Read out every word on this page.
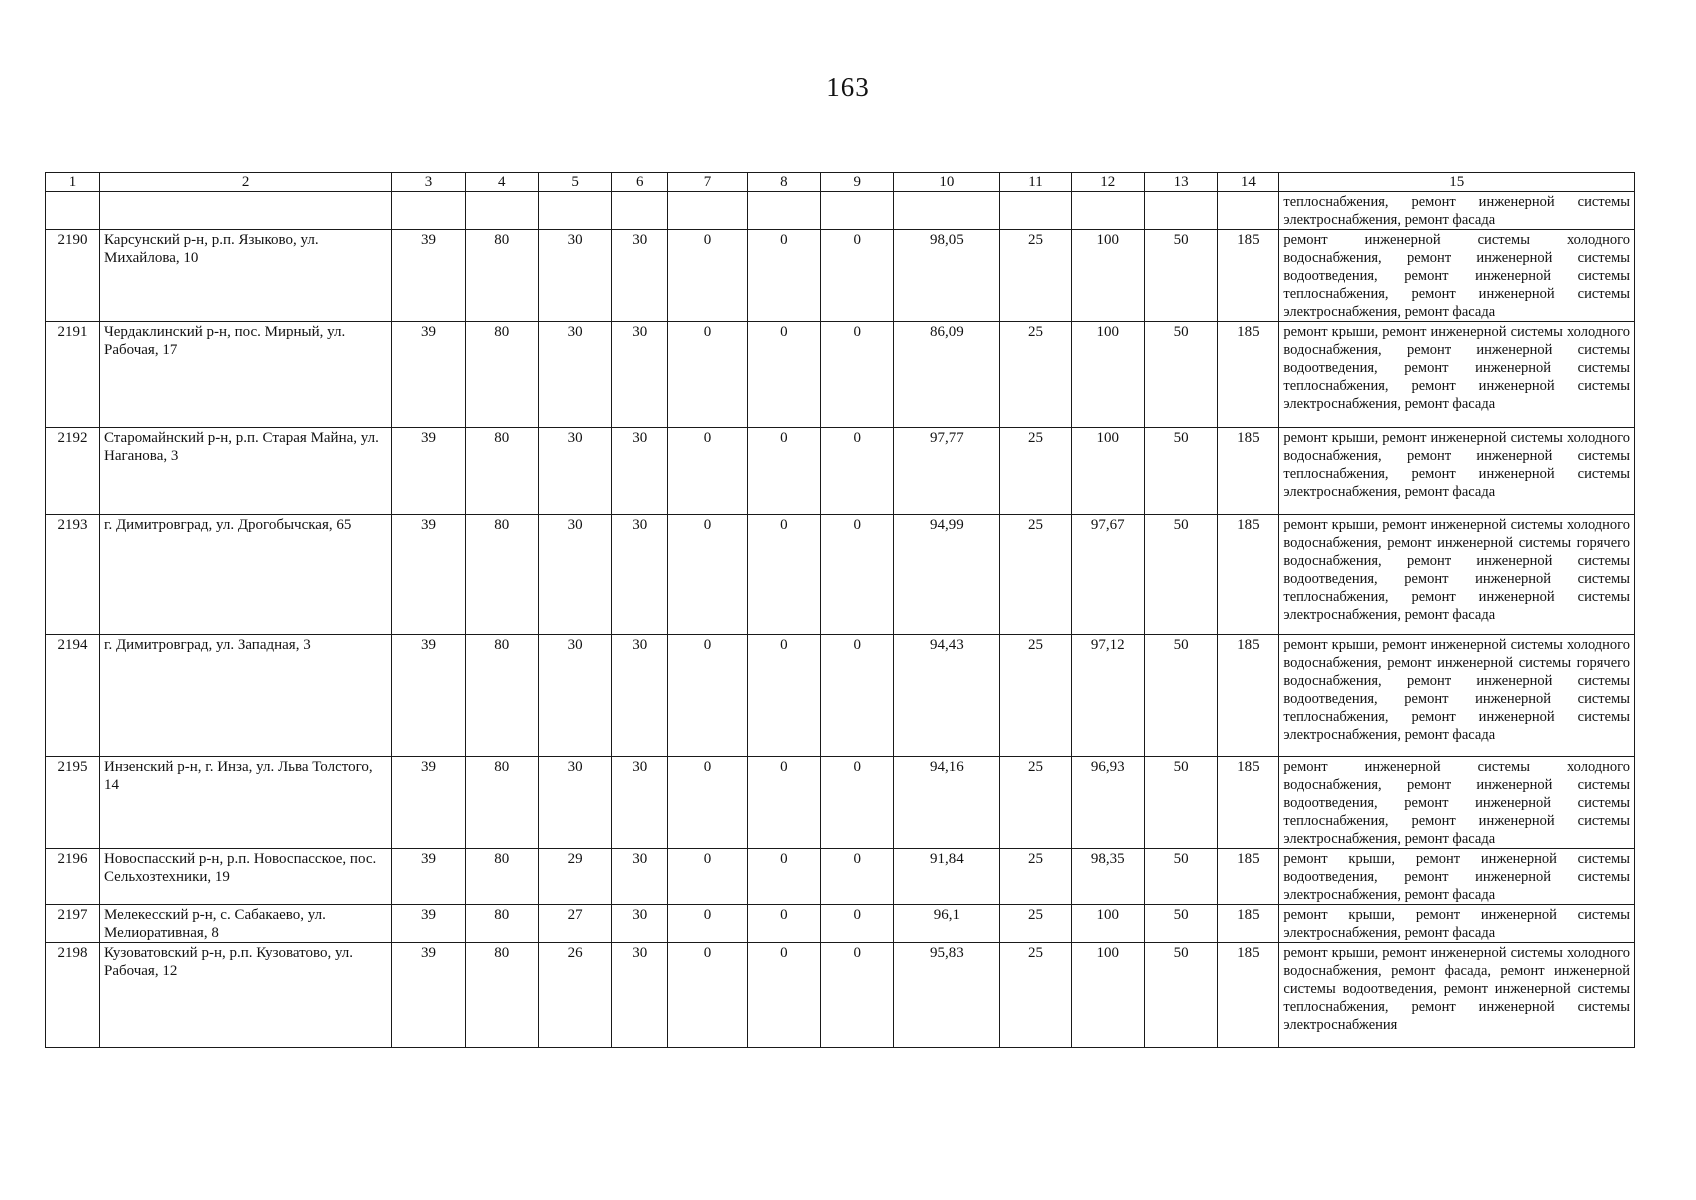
163
1	2	3	4	5	6	7	8	9	10	11	12	13	14	15
														теплоснабжения, ремонт инженерной системы электроснабжения, ремонт фасада
2190	Карсунский р-н, р.п. Языково, ул. Михайлова, 10	39	80	30	30	0	0	0	98,05	25	100	50	185	ремонт инженерной системы холодного водоснабжения, ремонт инженерной системы водоотведения, ремонт инженерной системы теплоснабжения, ремонт инженерной системы электроснабжения, ремонт фасада
2191	Чердаклинский р-н, пос. Мирный, ул. Рабочая, 17	39	80	30	30	0	0	0	86,09	25	100	50	185	ремонт крыши, ремонт инженерной системы холодного водоснабжения, ремонт инженерной системы водоотведения, ремонт инженерной системы теплоснабжения, ремонт инженерной системы электроснабжения, ремонт фасада
2192	Старомайнский р-н, р.п. Старая Майна, ул. Наганова, 3	39	80	30	30	0	0	0	97,77	25	100	50	185	ремонт крыши, ремонт инженерной системы холодного водоснабжения, ремонт инженерной системы теплоснабжения, ремонт инженерной системы электроснабжения, ремонт фасада
2193	г. Димитровград, ул. Дрогобычская, 65	39	80	30	30	0	0	0	94,99	25	97,67	50	185	ремонт крыши, ремонт инженерной системы холодного водоснабжения, ремонт инженерной системы горячего водоснабжения, ремонт инженерной системы водоотведения, ремонт инженерной системы теплоснабжения, ремонт инженерной системы электроснабжения, ремонт фасада
2194	г. Димитровград, ул. Западная, 3	39	80	30	30	0	0	0	94,43	25	97,12	50	185	ремонт крыши, ремонт инженерной системы холодного водоснабжения, ремонт инженерной системы горячего водоснабжения, ремонт инженерной системы водоотведения, ремонт инженерной системы теплоснабжения, ремонт инженерной системы электроснабжения, ремонт фасада
2195	Инзенский р-н, г. Инза, ул. Льва Толстого, 14	39	80	30	30	0	0	0	94,16	25	96,93	50	185	ремонт инженерной системы холодного водоснабжения, ремонт инженерной системы водоотведения, ремонт инженерной системы теплоснабжения, ремонт инженерной системы электроснабжения, ремонт фасада
2196	Новоспасский р-н, р.п. Новоспасское, пос. Сельхозтехники, 19	39	80	29	30	0	0	0	91,84	25	98,35	50	185	ремонт крыши, ремонт инженерной системы водоотведения, ремонт инженерной системы электроснабжения, ремонт фасада
2197	Мелекесский р-н, с. Сабакаево, ул. Мелиоративная, 8	39	80	27	30	0	0	0	96,1	25	100	50	185	ремонт крыши, ремонт инженерной системы электроснабжения, ремонт фасада
2198	Кузоватовский р-н, р.п. Кузоватово, ул. Рабочая, 12	39	80	26	30	0	0	0	95,83	25	100	50	185	ремонт крыши, ремонт инженерной системы холодного водоснабжения, ремонт фасада, ремонт инженерной системы водоотведения, ремонт инженерной системы теплоснабжения, ремонт инженерной системы электроснабжения
